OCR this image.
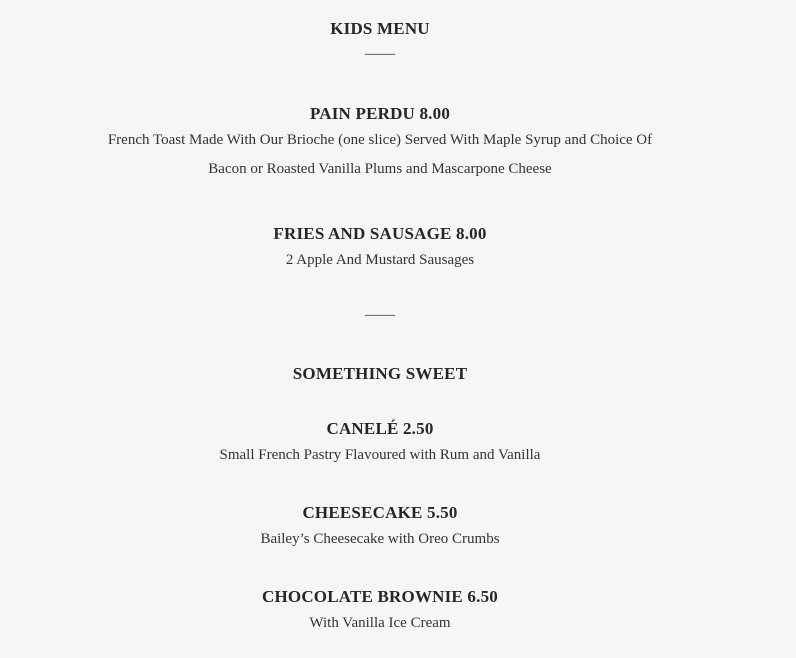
KIDS MENU
____
PAIN PERDU 8.00
French Toast Made With Our Brioche (one slice) Served With Maple Syrup and Choice Of
Bacon or Roasted Vanilla Plums and Mascarpone Cheese
FRIES AND SAUSAGE 8.00
2 Apple And Mustard Sausages
____
SOMETHING SWEET
CANELÉ 2.50
Small French Pastry Flavoured with Rum and Vanilla
CHEESECAKE 5.50
Bailey’s Cheesecake with Oreo Crumbs
CHOCOLATE BROWNIE 6.50
With Vanilla Ice Cream
